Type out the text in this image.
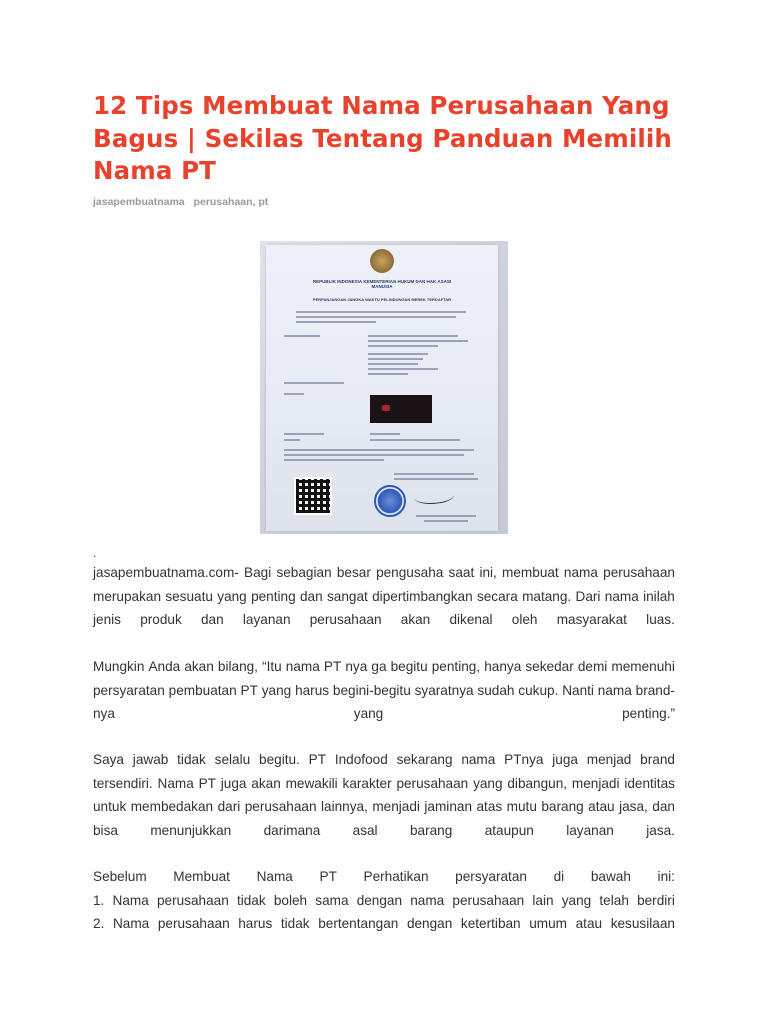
12 Tips Membuat Nama Perusahaan Yang Bagus | Sekilas Tentang Panduan Memilih Nama PT
jasapembuatnama perusahaan, pt
REPUBLIK INDONESIA KEMENTERIAN HUKUM DAN HAK ASASI MANUSIA
PERPANJANGAN JANGKA WAKTU PELINDUNGAN MEREK TERDAFTAR
.
jasapembuatnama.com- Bagi sebagian besar pengusaha saat ini, membuat nama perusahaan
merupakan sesuatu yang penting dan sangat dipertimbangkan secara matang. Dari nama inilah
jenis produk dan layanan perusahaan akan dikenal oleh masyarakat luas.
Mungkin Anda akan bilang, “Itu nama PT nya ga begitu penting, hanya sekedar demi memenuhi
persyaratan pembuatan PT yang harus begini-begitu syaratnya sudah cukup. Nanti nama brand-
nya	yang	penting.”
Saya jawab tidak selalu begitu. PT Indofood sekarang nama PTnya juga menjad brand
tersendiri. Nama PT juga akan mewakili karakter perusahaan yang dibangun, menjadi identitas
untuk membedakan dari perusahaan lainnya, menjadi jaminan atas mutu barang atau jasa, dan
bisa menunjukkan darimana asal barang ataupun layanan jasa.
Sebelum Membuat Nama PT Perhatikan persyaratan di bawah ini:
1. Nama perusahaan tidak boleh sama dengan nama perusahaan lain yang telah berdiri
2. Nama perusahaan harus tidak bertentangan dengan ketertiban umum atau kesusilaan
